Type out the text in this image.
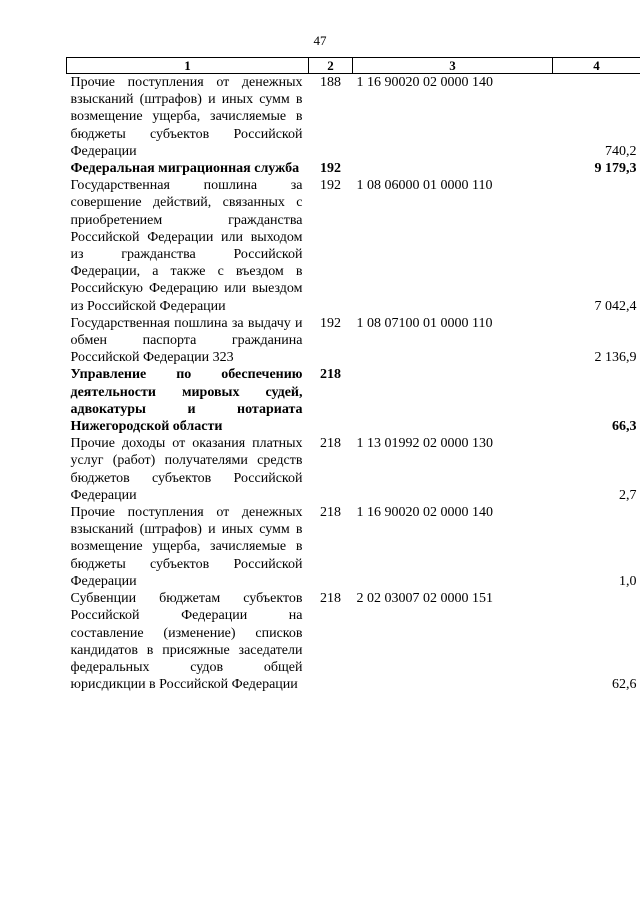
47
1	2	3	4
Прочие поступления от денежных взысканий (штрафов) и иных сумм в возмещение ущерба, зачисляемые в бюджеты субъектов Российской Федерации	188	1 16 90020 02 0000 140	740,2
Федеральная миграционная служба	192		9 179,3
Государственная пошлина за совершение действий, связанных с приобретением гражданства Российской Федерации или выходом из гражданства Российской Федерации, а также с въездом в Российскую Федерацию или выездом из Российской Федерации	192	1 08 06000 01 0000 110	7 042,4
Государственная пошлина за выдачу и обмен паспорта гражданина Российской Федерации 323	192	1 08 07100 01 0000 110	2 136,9
Управление по обеспечению деятельности мировых судей, адвокатуры и нотариата Нижегородской области	218		66,3
Прочие доходы от оказания платных услуг (работ) получателями средств бюджетов субъектов Российской Федерации	218	1 13 01992 02 0000 130	2,7
Прочие поступления от денежных взысканий (штрафов) и иных сумм в возмещение ущерба, зачисляемые в бюджеты субъектов Российской Федерации	218	1 16 90020 02 0000 140	1,0
Субвенции бюджетам субъектов Российской Федерации на составление (изменение) списков кандидатов в присяжные заседатели федеральных судов общей юрисдикции в Российской Федерации	218	2 02 03007 02 0000 151	62,6
